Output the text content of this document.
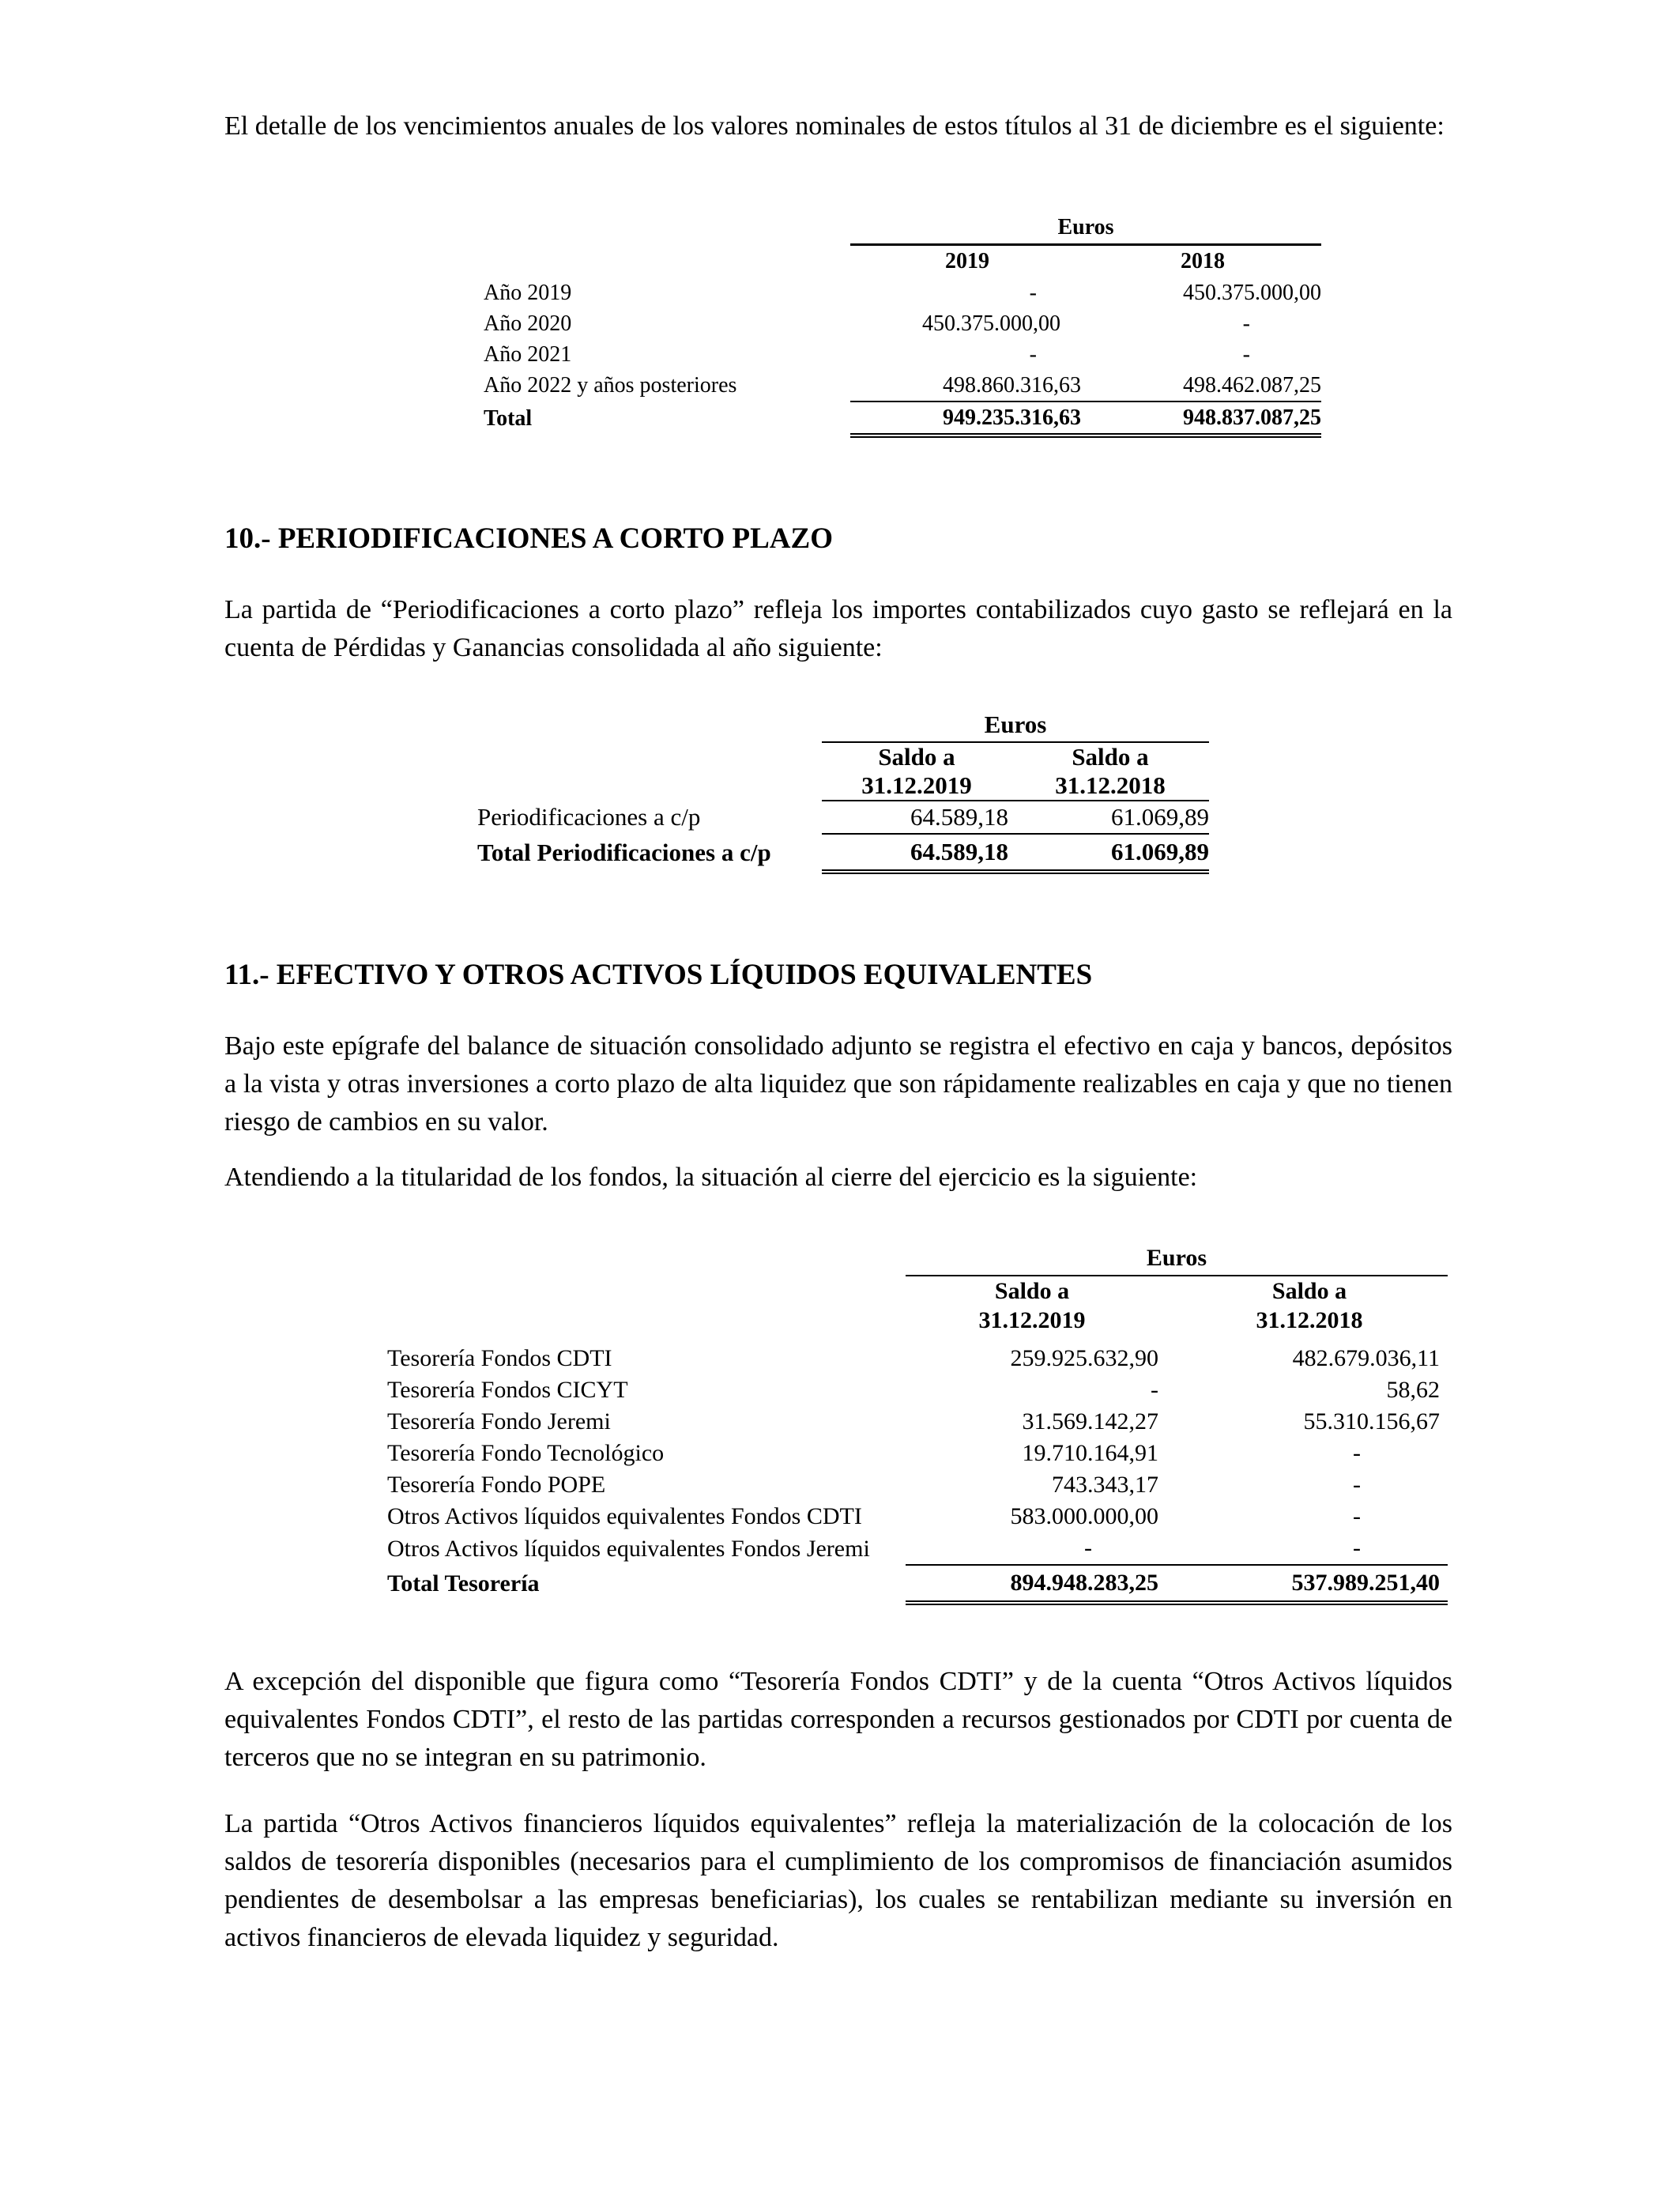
El detalle de los vencimientos anuales de los valores nominales de estos títulos al 31 de diciembre es el siguiente:

	Euros	
	2019	2018
Año 2019	-	450.375.000,00
Año 2020	450.375.000,00	-
Año 2021	-	-
Año 2022 y años posteriores	498.860.316,63	498.462.087,25
Total	949.235.316,63	948.837.087,25
10.- PERIODIFICACIONES A CORTO PLAZO

La partida de “Periodificaciones a corto plazo” refleja los importes contabilizados cuyo gasto se reflejará en la cuenta de Pérdidas y Ganancias consolidada al año siguiente:

	Euros	
	Saldo a	Saldo a
	31.12.2019	31.12.2018
Periodificaciones a c/p	64.589,18	61.069,89
Total Periodificaciones a c/p	64.589,18	61.069,89
11.- EFECTIVO Y OTROS ACTIVOS LÍQUIDOS EQUIVALENTES

Bajo este epígrafe del balance de situación consolidado adjunto se registra el efectivo en caja y bancos, depósitos a la vista y otras inversiones a corto plazo de alta liquidez que son rápidamente realizables en caja y que no tienen riesgo de cambios en su valor.

Atendiendo a la titularidad de los fondos, la situación al cierre del ejercicio es la siguiente:

	Euros	
	Saldo a	Saldo a
	31.12.2019	31.12.2018

Tesorería Fondos CDTI	259.925.632,90	482.679.036,11
Tesorería Fondos CICYT	-	58,62
Tesorería Fondo Jeremi	31.569.142,27	55.310.156,67
Tesorería Fondo Tecnológico	19.710.164,91	-
Tesorería Fondo POPE	743.343,17	-
Otros Activos líquidos equivalentes Fondos CDTI	583.000.000,00	-
Otros Activos líquidos equivalentes Fondos Jeremi	-	-
Total Tesorería	894.948.283,25	537.989.251,40

A excepción del disponible que figura como “Tesorería Fondos CDTI” y de la cuenta “Otros Activos líquidos equivalentes Fondos CDTI”, el resto de las partidas corresponden a recursos gestionados por CDTI por cuenta de terceros que no se integran en su patrimonio.

La partida “Otros Activos financieros líquidos equivalentes” refleja la materialización de la colocación de los saldos de tesorería disponibles (necesarios para el cumplimiento de los compromisos de financiación asumidos pendientes de desembolsar a las empresas beneficiarias), los cuales se rentabilizan mediante su inversión en activos financieros de elevada liquidez y seguridad.
